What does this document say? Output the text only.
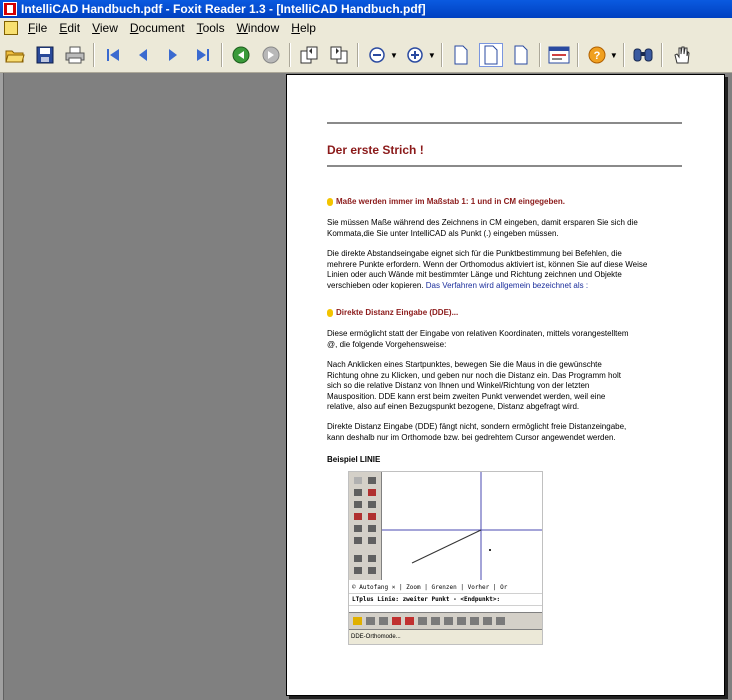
IntelliCAD Handbuch.pdf - Foxit Reader 1.3 - [IntelliCAD Handbuch.pdf]
File	Edit	View	Document	Tools	Window	Help
▼	▼	? ▼
Der erste Strich !
Maße werden immer im Maßstab 1: 1 und in CM eingegeben.
Sie müssen Maße während des Zeichnens in CM eingeben, damit ersparen Sie sich die
Kommata,die Sie unter IntelliCAD als Punkt (.) eingeben müssen.
Die direkte Abstandseingabe eignet sich für die Punktbestimmung bei Befehlen, die
mehrere Punkte erfordern. Wenn der Orthomodus aktiviert ist, können Sie auf diese Weise
Linien oder auch Wände mit bestimmter Länge und Richtung zeichnen und Objekte
verschieben oder kopieren. Das Verfahren wird allgemein bezeichnet als :
Direkte Distanz Eingabe (DDE)...
Diese ermöglicht statt der Eingabe von relativen Koordinaten, mittels vorangestelltem
@, die folgende Vorgehensweise:
Nach Anklicken eines Startpunktes, bewegen Sie die Maus in die gewünschte
Richtung ohne zu Klicken, und geben nur noch die Distanz ein. Das Programm holt
sich so die relative Distanz von Ihnen und Winkel/Richtung von der letzten
Mausposition. DDE kann erst beim zweiten Punkt verwendet werden, weil eine
relative, also auf einen Bezugspunkt bezogene, Distanz abgefragt wird.
Direkte Distanz Eingabe (DDE) fängt nicht, sondern ermöglicht freie Distanzeingabe,
kann deshalb nur im Orthomode bzw. bei gedrehtem Cursor angewendet werden.
Beispiel LINIE
© Autofang × | Zoom | Grenzen | Vorher | Or
LTplus Linie: zweiter Punkt - <Endpunkt>:
DDE-Orthomode...
